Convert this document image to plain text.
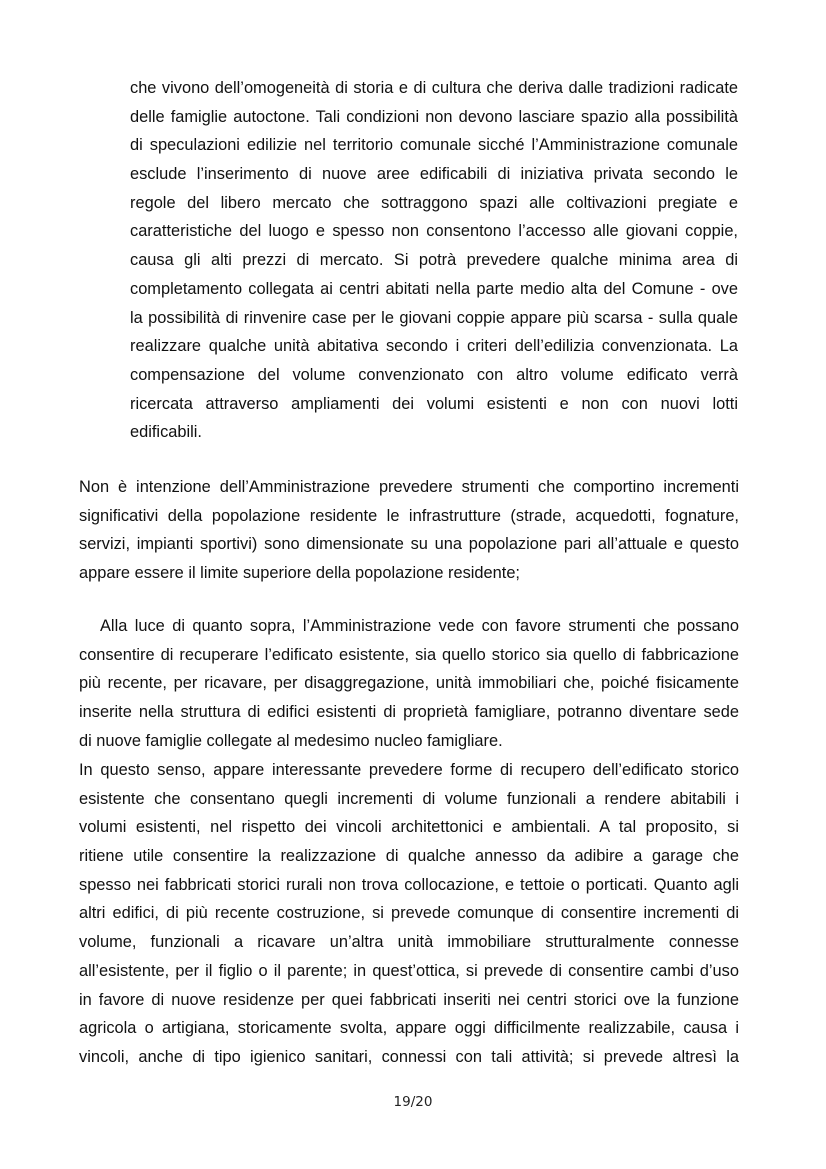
che vivono dell’omogeneità di storia e di cultura che deriva dalle tradizioni radicate
delle famiglie autoctone. Tali condizioni non devono lasciare spazio alla possibilità
di speculazioni edilizie nel territorio comunale sicché l’Amministrazione comunale
esclude l’inserimento di nuove aree edificabili di iniziativa privata secondo le
regole del libero mercato che sottraggono spazi alle coltivazioni pregiate e
caratteristiche del luogo e spesso non consentono l’accesso alle giovani coppie,
causa gli alti prezzi di mercato. Si potrà prevedere qualche minima area di
completamento collegata ai centri abitati nella parte medio alta del Comune - ove
la possibilità di rinvenire case per le giovani coppie appare più scarsa - sulla quale
realizzare qualche unità abitativa secondo i criteri dell’edilizia convenzionata. La
compensazione del volume convenzionato con altro volume edificato verrà
ricercata attraverso ampliamenti dei volumi esistenti e non con nuovi lotti
edificabili.
Non è intenzione dell’Amministrazione prevedere strumenti che comportino incrementi
significativi della popolazione residente le infrastrutture (strade, acquedotti, fognature,
servizi, impianti sportivi) sono dimensionate su una popolazione pari all’attuale e questo
appare essere il limite superiore della popolazione residente;
Alla luce di quanto sopra, l’Amministrazione vede con favore strumenti che possano
consentire di recuperare l’edificato esistente, sia quello storico sia quello di fabbricazione
più recente, per ricavare, per disaggregazione, unità immobiliari che, poiché fisicamente
inserite nella struttura di edifici esistenti di proprietà famigliare, potranno diventare sede
di nuove famiglie collegate al medesimo nucleo famigliare.
In questo senso, appare interessante prevedere forme di recupero dell’edificato storico
esistente che consentano quegli incrementi di volume funzionali a rendere abitabili i
volumi esistenti, nel rispetto dei vincoli architettonici e ambientali. A tal proposito, si
ritiene utile consentire la realizzazione di qualche annesso da adibire a garage che
spesso nei fabbricati storici rurali non trova collocazione, e tettoie o porticati. Quanto agli
altri edifici, di più recente costruzione, si prevede comunque di consentire incrementi di
volume, funzionali a ricavare un’altra unità immobiliare strutturalmente connesse
all’esistente, per il figlio o il parente; in quest’ottica, si prevede di consentire cambi d’uso
in favore di nuove residenze per quei fabbricati inseriti nei centri storici ove la funzione
agricola o artigiana, storicamente svolta, appare oggi difficilmente realizzabile, causa i
vincoli, anche di tipo igienico sanitari, connessi con tali attività; si prevede altresì la
19/20
